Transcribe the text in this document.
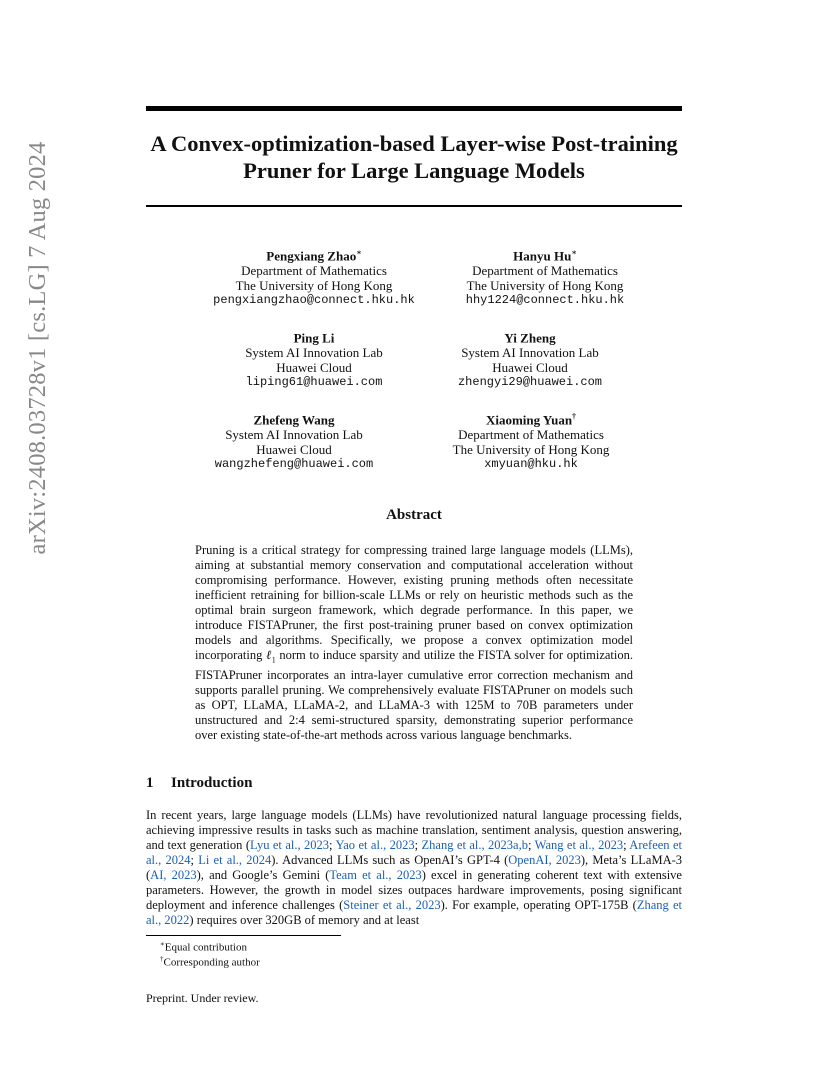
A Convex-optimization-based Layer-wise Post-training
Pruner for Large Language Models
arXiv:2408.03728v1 [cs.LG] 7 Aug 2024	Pengxiang Zhao∗
Department of Mathematics
The University of Hong Kong
pengxiangzhao@connect.hku.hk
Hanyu Hu∗
Department of Mathematics
The University of Hong Kong
hhy1224@connect.hku.hk
Ping Li
System AI Innovation Lab
Huawei Cloud
liping61@huawei.com
Yi Zheng
System AI Innovation Lab
Huawei Cloud
zhengyi29@huawei.com
Zhefeng Wang
System AI Innovation Lab
Huawei Cloud
wangzhefeng@huawei.com
Xiaoming Yuan†
Department of Mathematics
The University of Hong Kong
xmyuan@hku.hk
Abstract

Pruning is a critical strategy for compressing trained large language models (LLMs), aiming at substantial memory conservation and computational acceleration without compromising performance. However, existing pruning methods often necessitate inefficient retraining for billion-scale LLMs or rely on heuristic methods such as the optimal brain surgeon framework, which degrade performance. In this paper, we introduce FISTAPruner, the first post-training pruner based on convex optimization models and algorithms. Specifically, we propose a convex optimization model incorporating ℓ$_1$ norm to induce sparsity and utilize the FISTA solver for optimization. FISTAPruner incorporates an intra-layer cumulative error correction mechanism and supports parallel pruning. We comprehensively evaluate FISTAPruner on models such as OPT, LLaMA, LLaMA-2, and LLaMA-3 with 125M to 70B parameters under unstructured and 2:4 semi-structured sparsity, demonstrating superior performance over existing state-of-the-art methods across various language benchmarks.

1 Introduction

In recent years, large language models (LLMs) have revolutionized natural language processing fields, achieving impressive results in tasks such as machine translation, sentiment analysis, question answering, and text generation (Lyu et al., 2023; Yao et al., 2023; Zhang et al., 2023a,b; Wang et al., 2023; Arefeen et al., 2024; Li et al., 2024). Advanced LLMs such as OpenAI’s GPT-4 (OpenAI, 2023), Meta’s LLaMA-3 (AI, 2023), and Google’s Gemini (Team et al., 2023) excel in generating coherent text with extensive parameters. However, the growth in model sizes outpaces hardware improvements, posing significant deployment and inference challenges (Steiner et al., 2023). For example, operating OPT-175B (Zhang et al., 2022) requires over 320GB of memory and at least

∗Equal contribution
†Corresponding author
Preprint. Under review.
